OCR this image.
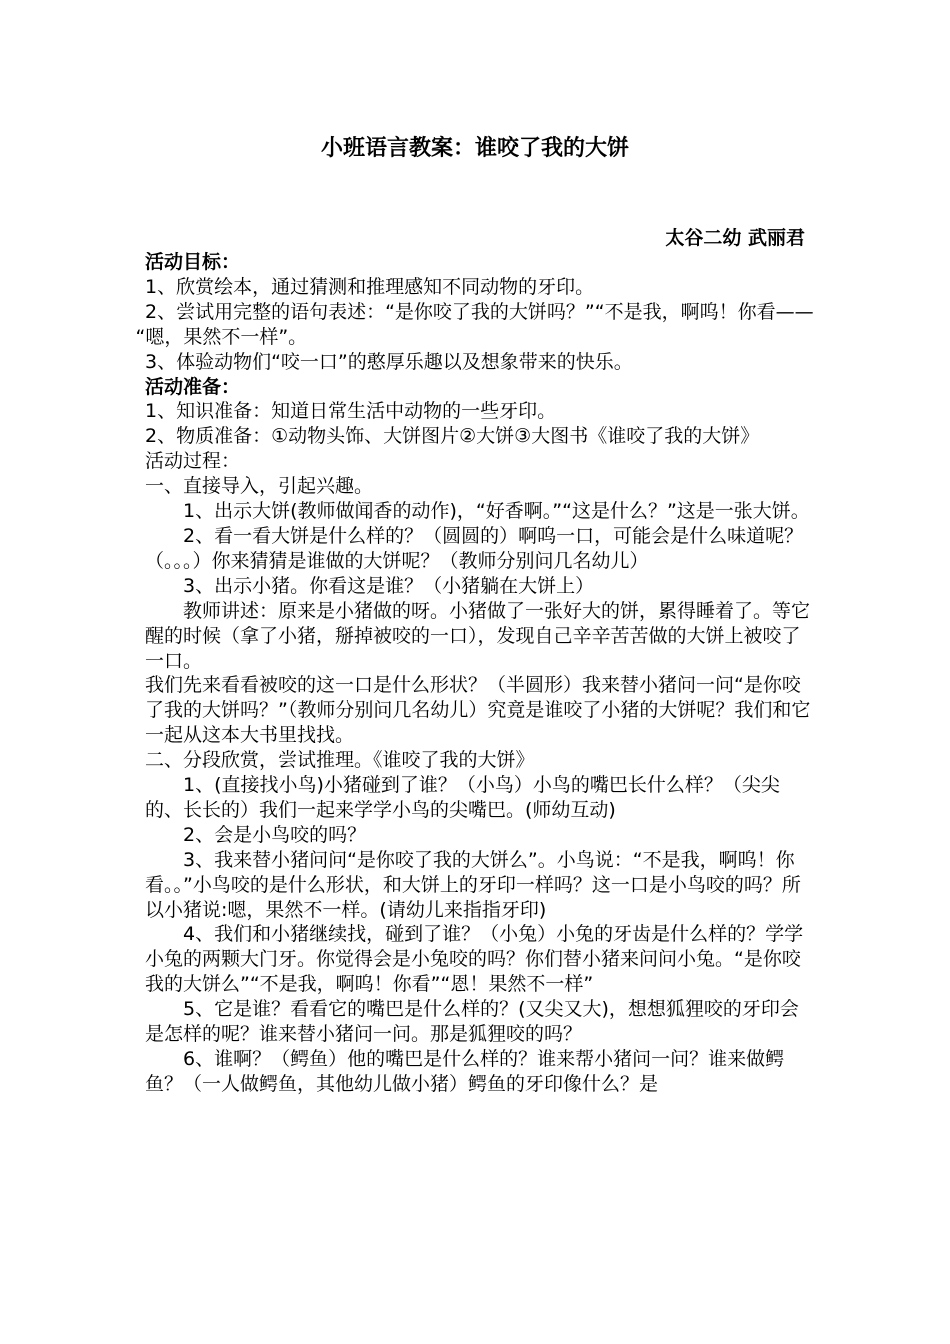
小班语言教案：谁咬了我的大饼
太谷二幼 武丽君

活动目标：

1、欣赏绘本，通过猜测和推理感知不同动物的牙印。

2、尝试用完整的语句表述：“是你咬了我的大饼吗？”“不是我，啊呜！你看——

“嗯，果然不一样”。

3、体验动物们“咬一口”的憨厚乐趣以及想象带来的快乐。

活动准备：

1、知识准备：知道日常生活中动物的一些牙印。

2、物质准备：①动物头饰、大饼图片②大饼③大图书《谁咬了我的大饼》

活动过程：

一、直接导入，引起兴趣。

1、出示大饼(教师做闻香的动作)，“好香啊。”“这是什么？”这是一张大饼。

2、看一看大饼是什么样的？（圆圆的）啊呜一口，可能会是什么味道呢？（。。。）你来猜猜是谁做的大饼呢？（教师分别问几名幼儿）

3、出示小猪。你看这是谁？（小猪躺在大饼上）

教师讲述：原来是小猪做的呀。小猪做了一张好大的饼，累得睡着了。等它醒的时候（拿了小猪，掰掉被咬的一口），发现自己辛辛苦苦做的大饼上被咬了一口。

我们先来看看被咬的这一口是什么形状？（半圆形）我来替小猪问一问“是你咬了我的大饼吗？”（教师分别问几名幼儿）究竟是谁咬了小猪的大饼呢？我们和它一起从这本大书里找找。

二、分段欣赏，尝试推理。《谁咬了我的大饼》

1、(直接找小鸟)小猪碰到了谁？（小鸟）小鸟的嘴巴长什么样？（尖尖的、长长的）我们一起来学学小鸟的尖嘴巴。(师幼互动)

2、会是小鸟咬的吗？

3、我来替小猪问问“是你咬了我的大饼么”。小鸟说：“不是我，啊呜！你看。。”小鸟咬的是什么形状，和大饼上的牙印一样吗？这一口是小鸟咬的吗？所以小猪说:嗯，果然不一样。(请幼儿来指指牙印)

4、我们和小猪继续找，碰到了谁？（小兔）小兔的牙齿是什么样的？学学小兔的两颗大门牙。你觉得会是小兔咬的吗？你们替小猪来问问小兔。“是你咬我的大饼么”“不是我，啊呜！你看”“恩！果然不一样”

5、它是谁？看看它的嘴巴是什么样的？(又尖又大)，想想狐狸咬的牙印会是怎样的呢？谁来替小猪问一问。那是狐狸咬的吗？

6、谁啊？（鳄鱼）他的嘴巴是什么样的？谁来帮小猪问一问？谁来做鳄鱼？（一人做鳄鱼，其他幼儿做小猪）鳄鱼的牙印像什么？是
